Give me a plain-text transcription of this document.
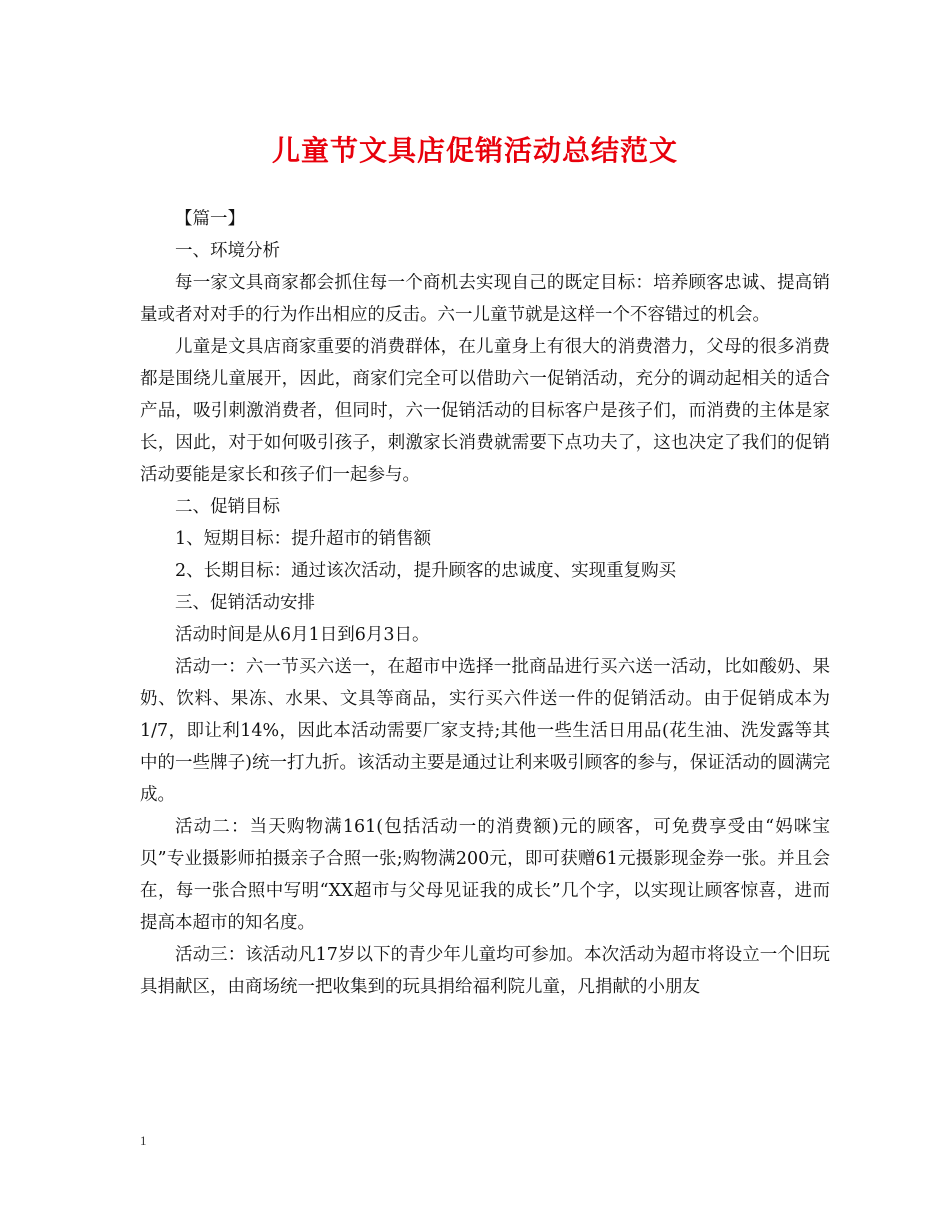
儿童节文具店促销活动总结范文

【篇一】

一、环境分析

每一家文具商家都会抓住每一个商机去实现自己的既定目标：培养顾客忠诚、提高销量或者对对手的行为作出相应的反击。六一儿童节就是这样一个不容错过的机会。

儿童是文具店商家重要的消费群体，在儿童身上有很大的消费潜力，父母的很多消费都是围绕儿童展开，因此，商家们完全可以借助六一促销活动，充分的调动起相关的适合产品，吸引刺激消费者，但同时，六一促销活动的目标客户是孩子们，而消费的主体是家长，因此，对于如何吸引孩子，刺激家长消费就需要下点功夫了，这也决定了我们的促销活动要能是家长和孩子们一起参与。

二、促销目标

1、短期目标：提升超市的销售额

2、长期目标：通过该次活动，提升顾客的忠诚度、实现重复购买

三、促销活动安排

活动时间是从6月1日到6月3日。

活动一：六一节买六送一，在超市中选择一批商品进行买六送一活动，比如酸奶、果奶、饮料、果冻、水果、文具等商品，实行买六件送一件的促销活动。由于促销成本为1/7，即让利14%，因此本活动需要厂家支持;其他一些生活日用品(花生油、洗发露等其中的一些牌子)统一打九折。该活动主要是通过让利来吸引顾客的参与，保证活动的圆满完成。

活动二：当天购物满161(包括活动一的消费额)元的顾客，可免费享受由“妈咪宝贝”专业摄影师拍摄亲子合照一张;购物满200元，即可获赠61元摄影现金券一张。并且会在，每一张合照中写明“XX超市与父母见证我的成长”几个字，以实现让顾客惊喜，进而提高本超市的知名度。

活动三：该活动凡17岁以下的青少年儿童均可参加。本次活动为超市将设立一个旧玩具捐献区，由商场统一把收集到的玩具捐给福利院儿童，凡捐献的小朋友

1
